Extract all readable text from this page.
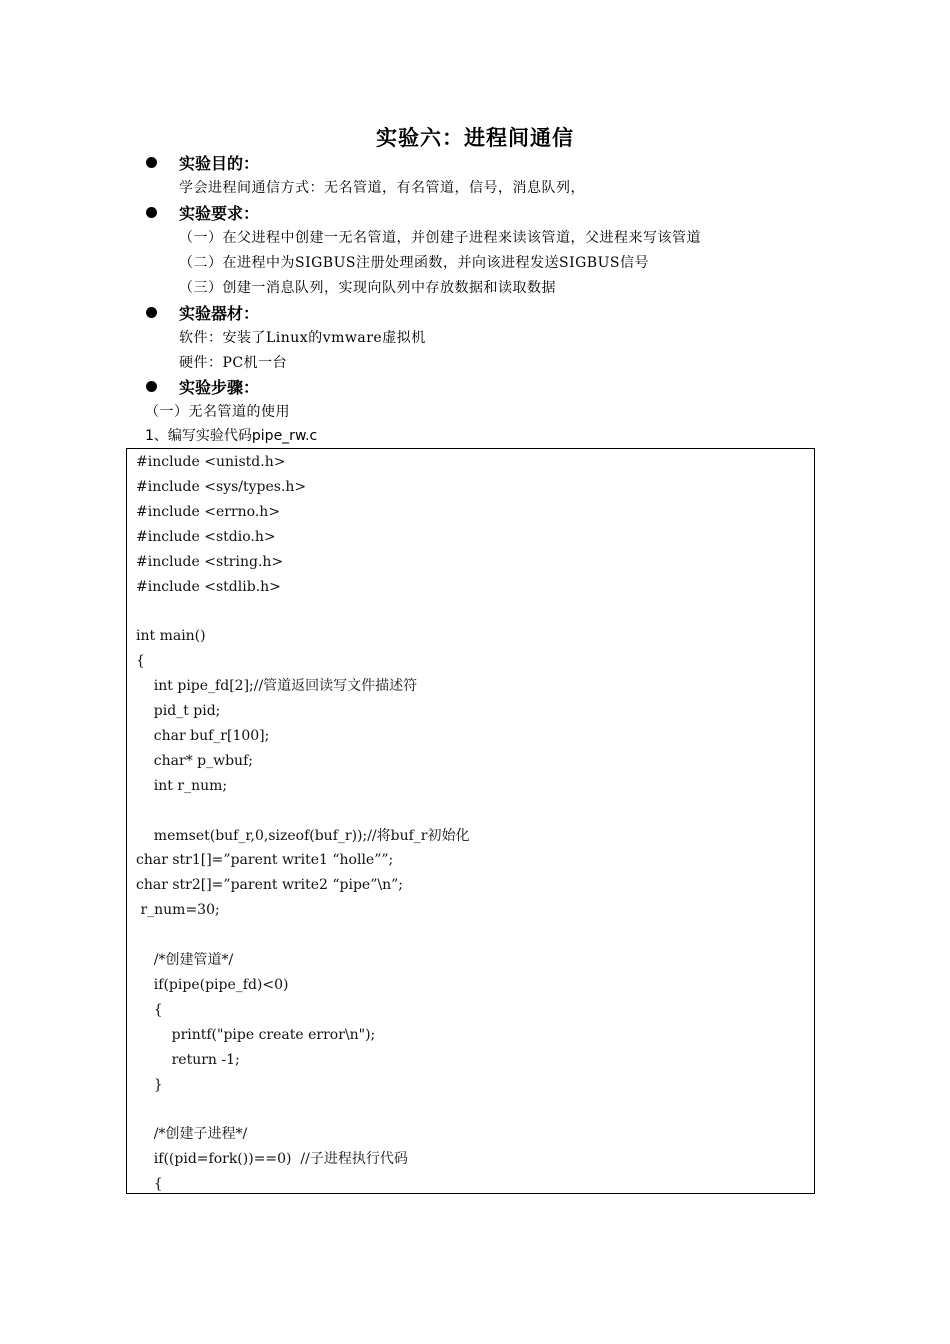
实验六：进程间通信
实验目的：
学会进程间通信方式：无名管道，有名管道，信号，消息队列，
实验要求：
（一）在父进程中创建一无名管道，并创建子进程来读该管道，父进程来写该管道
（二）在进程中为SIGBUS注册处理函数，并向该进程发送SIGBUS信号
（三）创建一消息队列，实现向队列中存放数据和读取数据
实验器材：
软件：安装了Linux的vmware虚拟机
硬件：PC机一台
实验步骤：
（一）无名管道的使用
1、编写实验代码pipe_rw.c
#include <unistd.h>
#include <sys/types.h>
#include <errno.h>
#include <stdio.h>
#include <string.h>
#include <stdlib.h>
int main()
{
int pipe_fd[2];//管道返回读写文件描述符
pid_t pid;
char buf_r[100];
char* p_wbuf;
int r_num;
memset(buf_r,0,sizeof(buf_r));//将buf_r初始化
char str1[]=”parent write1 “holle””;
char str2[]=”parent write2 “pipe”\n”;
r_num=30;
/*创建管道*/
if(pipe(pipe_fd)<0)
{
printf("pipe create error\n");
return -1;
}
/*创建子进程*/
if((pid=fork())==0)  //子进程执行代码
{
